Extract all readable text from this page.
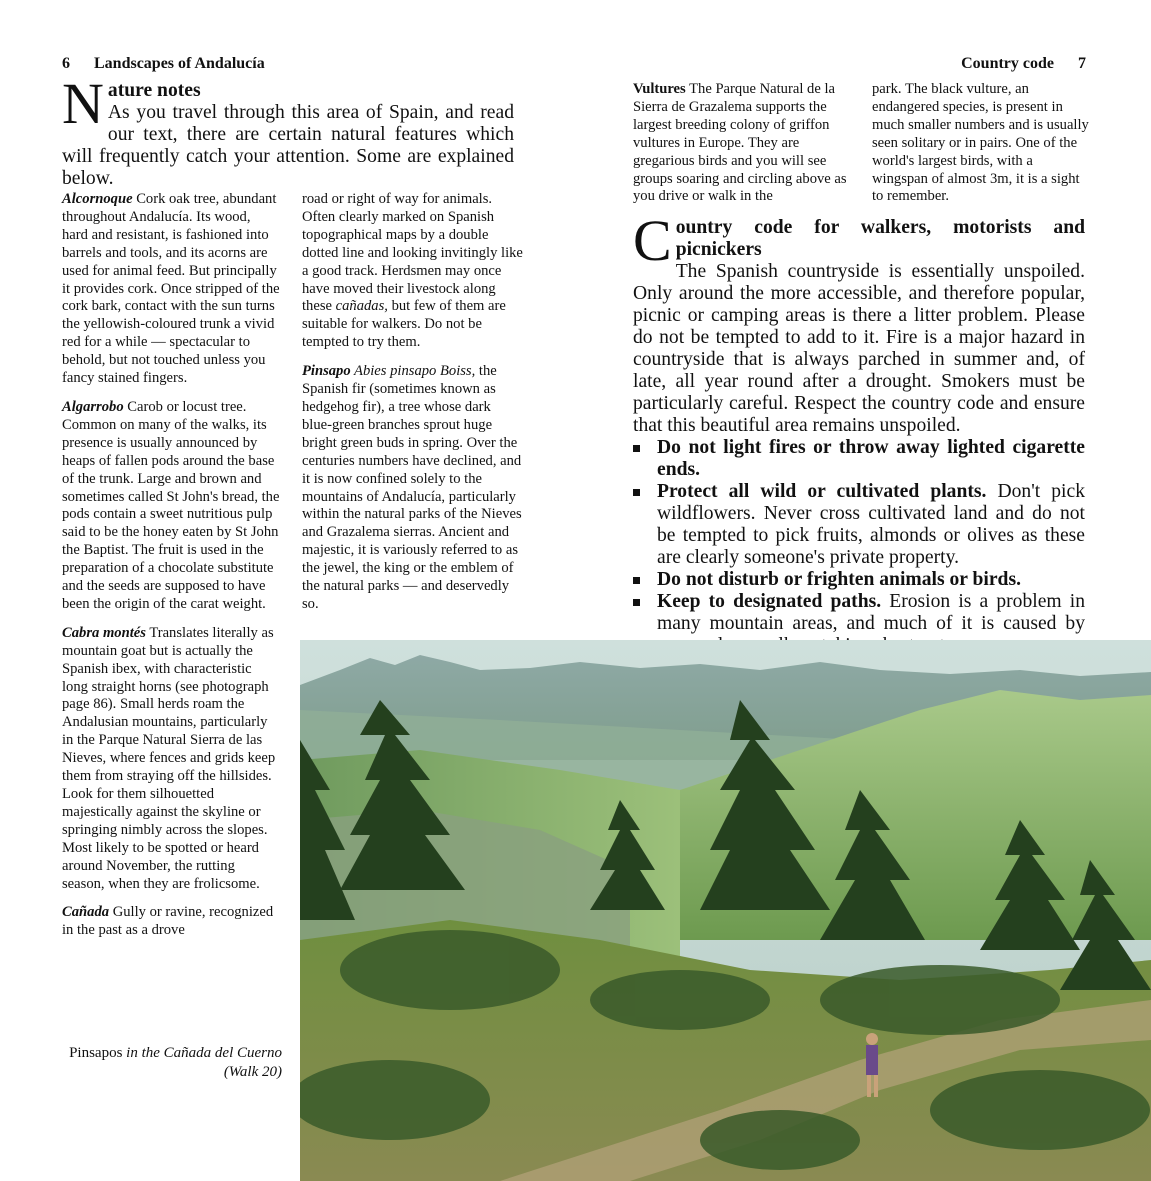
6 Landscapes of Andalucía	Country code 7
N ature notes
As you travel through this area of Spain, and read our text, there are certain natural features which will frequently catch your attention. Some are explained below.

Alcornoque Cork oak tree, abundant throughout Andalucía. Its wood, hard and resistant, is fashioned into barrels and tools, and its acorns are used for animal feed. But principally it provides cork. Once stripped of the cork bark, contact with the sun turns the yellowish-coloured trunk a vivid red for a while — spectacular to behold, but not touched unless you fancy stained fingers.

Algarrobo Carob or locust tree. Common on many of the walks, its presence is usually announced by heaps of fallen pods around the base of the trunk. Large and brown and sometimes called St John's bread, the pods contain a sweet nutritious pulp said to be the honey eaten by St John the Baptist. The fruit is used in the preparation of a chocolate substitute and the seeds are supposed to have been the origin of the carat weight.

Cabra montés Translates literally as mountain goat but is actually the Spanish ibex, with characteristic long straight horns (see photograph page 86). Small herds roam the Andalusian mountains, particularly in the Parque Natural Sierra de las Nieves, where fences and grids keep them from straying off the hillsides. Look for them silhouetted majestically against the skyline or springing nimbly across the slopes. Most likely to be spotted or heard around November, the rutting season, when they are frolicsome.

Cañada Gully or ravine, recognized in the past as a drove

Pinsapos in the Cañada del Cuerno (Walk 20)

road or right of way for animals. Often clearly marked on Spanish topographical maps by a double dotted line and looking invitingly like a good track. Herdsmen may once have moved their livestock along these cañadas, but few of them are suitable for walkers. Do not be tempted to try them.

Pinsapo Abies pinsapo Boiss, the Spanish fir (sometimes known as hedgehog fir), a tree whose dark blue-green branches sprout huge bright green buds in spring. Over the centuries numbers have declined, and it is now confined solely to the mountains of Andalucía, particularly within the natural parks of the Nieves and Grazalema sierras. Ancient and majestic, it is variously referred to as the jewel, the king or the emblem of the natural parks — and deservedly so.

Vultures The Parque Natural de la Sierra de Grazalema supports the largest breeding colony of griffon vultures in Europe. They are gregarious birds and you will see groups soaring and circling above as you drive or walk in the

park. The black vulture, an endangered species, is present in much smaller numbers and is usually seen solitary or in pairs. One of the world's largest birds, with a wingspan of almost 3m, it is a sight to remember.

C ountry code for walkers, motorists and picnickers
The Spanish countryside is essentially unspoiled. Only around the more accessible, and therefore popular, picnic or camping areas is there a litter problem. Please do not be tempted to add to it. Fire is a major hazard in countryside that is always parched in summer and, of late, all year round after a drought. Smokers must be particularly careful. Respect the country code and ensure that this beautiful area remains unspoiled.
Do not light fires or throw away lighted cigarette ends.
Protect all wild or cultivated plants. Don't pick wildflowers. Never cross cultivated land and do not be tempted to pick fruits, almonds or olives as these are clearly someone's private property.
Do not disturb or frighten animals or birds.
Keep to designated paths. Erosion is a problem in many mountain areas, and much of it is caused by
